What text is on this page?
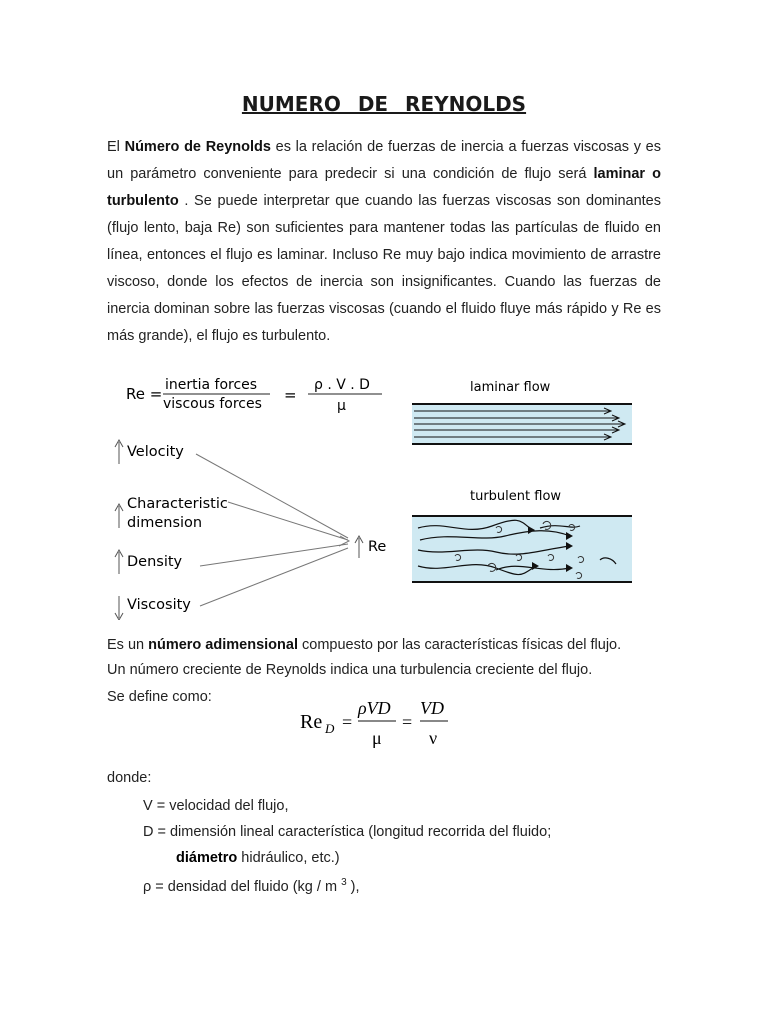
NUMERO DE REYNOLDS

El Número de Reynolds es la relación de fuerzas de inercia a fuerzas viscosas y es un parámetro conveniente para predecir si una condición de flujo será laminar o turbulento . Se puede interpretar que cuando las fuerzas viscosas son dominantes (flujo lento, baja Re) son suficientes para mantener todas las partículas de fluido en línea, entonces el flujo es laminar. Incluso Re muy bajo indica movimiento de arrastre viscoso, donde los efectos de inercia son insignificantes. Cuando las fuerzas de inercia dominan sobre las fuerzas viscosas (cuando el fluido fluye más rápido y Re es más grande), el flujo es turbulento.

Re = inertia forces
viscous forces =
ρ . V . D
μ
Velocity
Characteristic
dimension
Density
Viscosity
Re
laminar flow
turbulent flow

Es un número adimensional compuesto por las características físicas del flujo.

Un número creciente de Reynolds indica una turbulencia creciente del flujo.

Se define como:

Re D =
ρVD
μ
=
VD
ν

donde:

V = velocidad del flujo,

D = dimensión lineal característica (longitud recorrida del fluido;

diámetro hidráulico, etc.)

ρ = densidad del fluido (kg / m $^3$ ),
